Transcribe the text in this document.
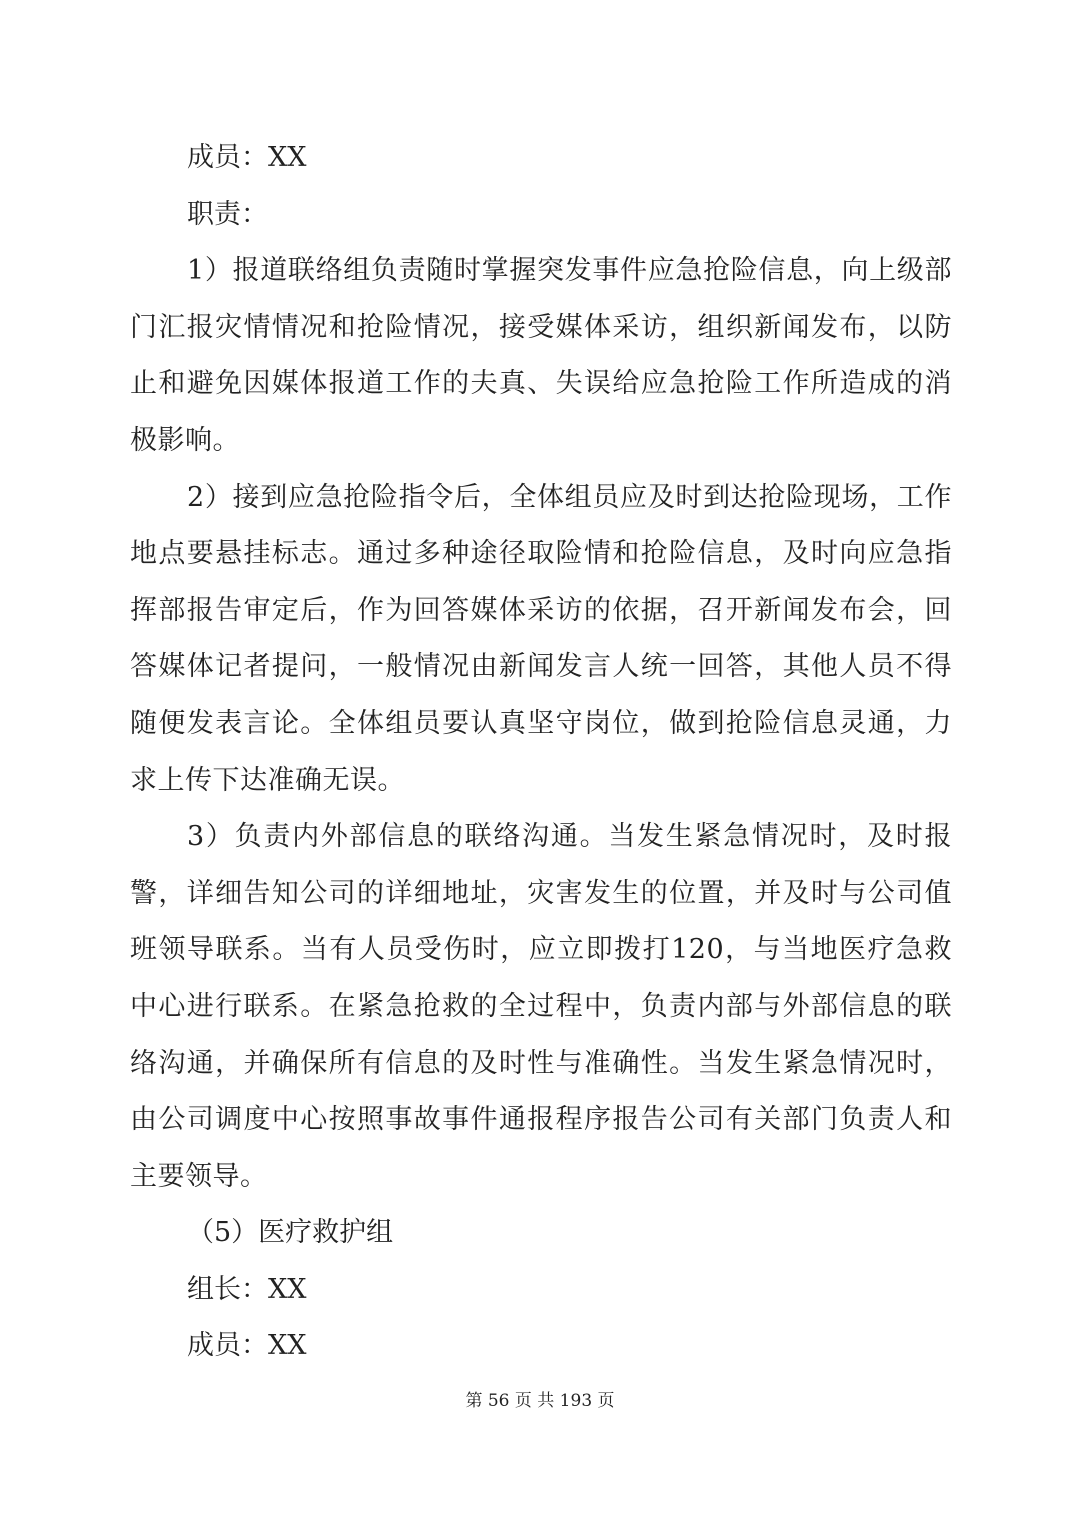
成员：XX

职责：

1）报道联络组负责随时掌握突发事件应急抢险信息，向上级部门汇报灾情情况和抢险情况，接受媒体采访，组织新闻发布，以防止和避免因媒体报道工作的夫真、失误给应急抢险工作所造成的消极影响。

2）接到应急抢险指令后，全体组员应及时到达抢险现场，工作地点要悬挂标志。通过多种途径取险情和抢险信息，及时向应急指挥部报告审定后，作为回答媒体采访的依据，召开新闻发布会，回答媒体记者提问，一般情况由新闻发言人统一回答，其他人员不得随便发表言论。全体组员要认真坚守岗位，做到抢险信息灵通，力求上传下达准确无误。

3）负责内外部信息的联络沟通。当发生紧急情况时，及时报警，详细告知公司的详细地址，灾害发生的位置，并及时与公司值班领导联系。当有人员受伤时，应立即拨打120，与当地医疗急救中心进行联系。在紧急抢救的全过程中，负责内部与外部信息的联络沟通，并确保所有信息的及时性与准确性。当发生紧急情况时，由公司调度中心按照事故事件通报程序报告公司有关部门负责人和主要领导。

（5）医疗救护组

组长：XX

成员：XX

第 56 页 共 193 页
